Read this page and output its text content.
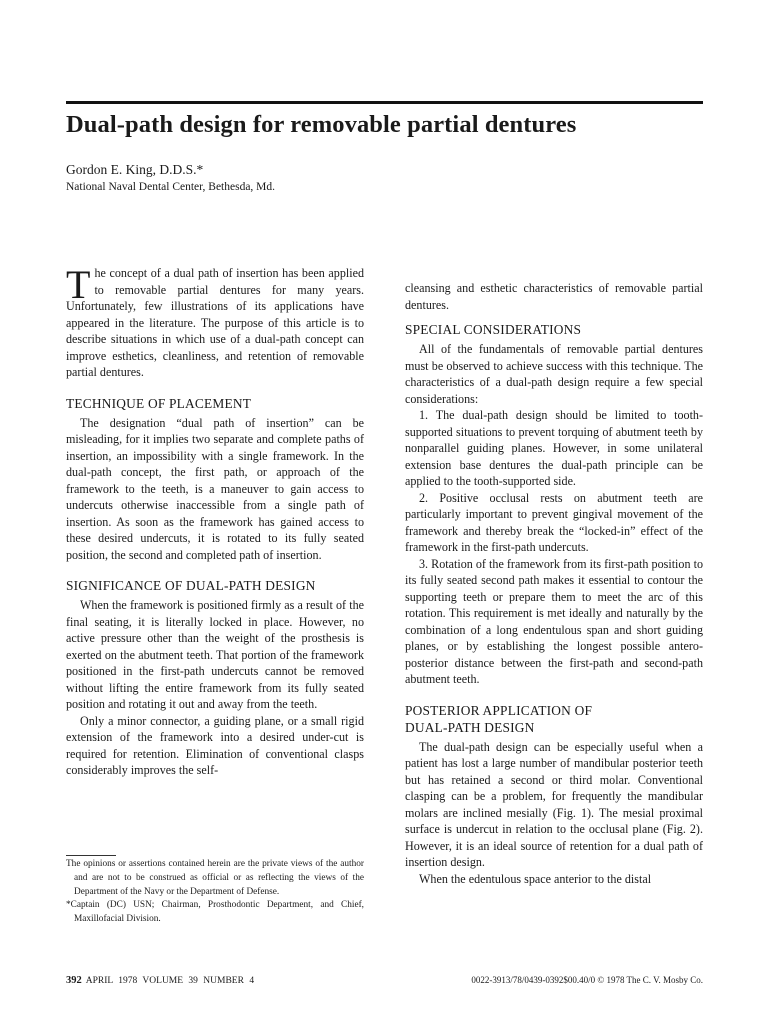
Dual-path design for removable partial dentures
Gordon E. King, D.D.S.*
National Naval Dental Center, Bethesda, Md.

The concept of a dual path of insertion has been applied to removable partial dentures for many years. Unfortunately, few illustrations of its applications have appeared in the literature. The purpose of this article is to describe situations in which use of a dual-path concept can improve esthetics, cleanliness, and retention of removable partial dentures.

TECHNIQUE OF PLACEMENT

The designation “dual path of insertion” can be misleading, for it implies two separate and complete paths of insertion, an impossibility with a single framework. In the dual-path concept, the first path, or approach of the framework to the teeth, is a maneuver to gain access to undercuts otherwise inaccessible from a single path of insertion. As soon as the framework has gained access to these desired undercuts, it is rotated to its fully seated position, the second and completed path of insertion.

SIGNIFICANCE OF DUAL-PATH DESIGN

When the framework is positioned firmly as a result of the final seating, it is literally locked in place. However, no active pressure other than the weight of the prosthesis is exerted on the abutment teeth. That portion of the framework positioned in the first-path undercuts cannot be removed without lifting the entire framework from its fully seated position and rotating it out and away from the teeth.

Only a minor connector, a guiding plane, or a small rigid extension of the framework into a desired under-cut is required for retention. Elimination of conventional clasps considerably improves the self-

cleansing and esthetic characteristics of removable partial dentures.

SPECIAL CONSIDERATIONS

All of the fundamentals of removable partial dentures must be observed to achieve success with this technique. The characteristics of a dual-path design require a few special considerations:

1. The dual-path design should be limited to tooth-supported situations to prevent torquing of abutment teeth by nonparallel guiding planes. However, in some unilateral extension base dentures the dual-path principle can be applied to the tooth-supported side.

2. Positive occlusal rests on abutment teeth are particularly important to prevent gingival movement of the framework and thereby break the “locked-in” effect of the framework in the first-path undercuts.

3. Rotation of the framework from its first-path position to its fully seated second path makes it essential to contour the supporting teeth or prepare them to meet the arc of this rotation. This requirement is met ideally and naturally by the combination of a long endentulous span and short guiding planes, or by establishing the longest possible antero-posterior distance between the first-path and second-path abutment teeth.

POSTERIOR APPLICATION OF
DUAL-PATH DESIGN

The dual-path design can be especially useful when a patient has lost a large number of mandibular posterior teeth but has retained a second or third molar. Conventional clasping can be a problem, for frequently the mandibular molars are inclined mesially (Fig. 1). The mesial proximal surface is undercut in relation to the occlusal plane (Fig. 2). However, it is an ideal source of retention for a dual path of insertion design.

When the edentulous space anterior to the distal

The opinions or assertions contained herein are the private views of the author and are not to be construed as official or as reflecting the views of the Department of the Navy or the Department of Defense.

*Captain (DC) USN; Chairman, Prosthodontic Department, and Chief, Maxillofacial Division.

392 APRIL 1978 VOLUME 39 NUMBER 4	0022-3913/78/0439-0392$00.40/0 © 1978 The C. V. Mosby Co.
